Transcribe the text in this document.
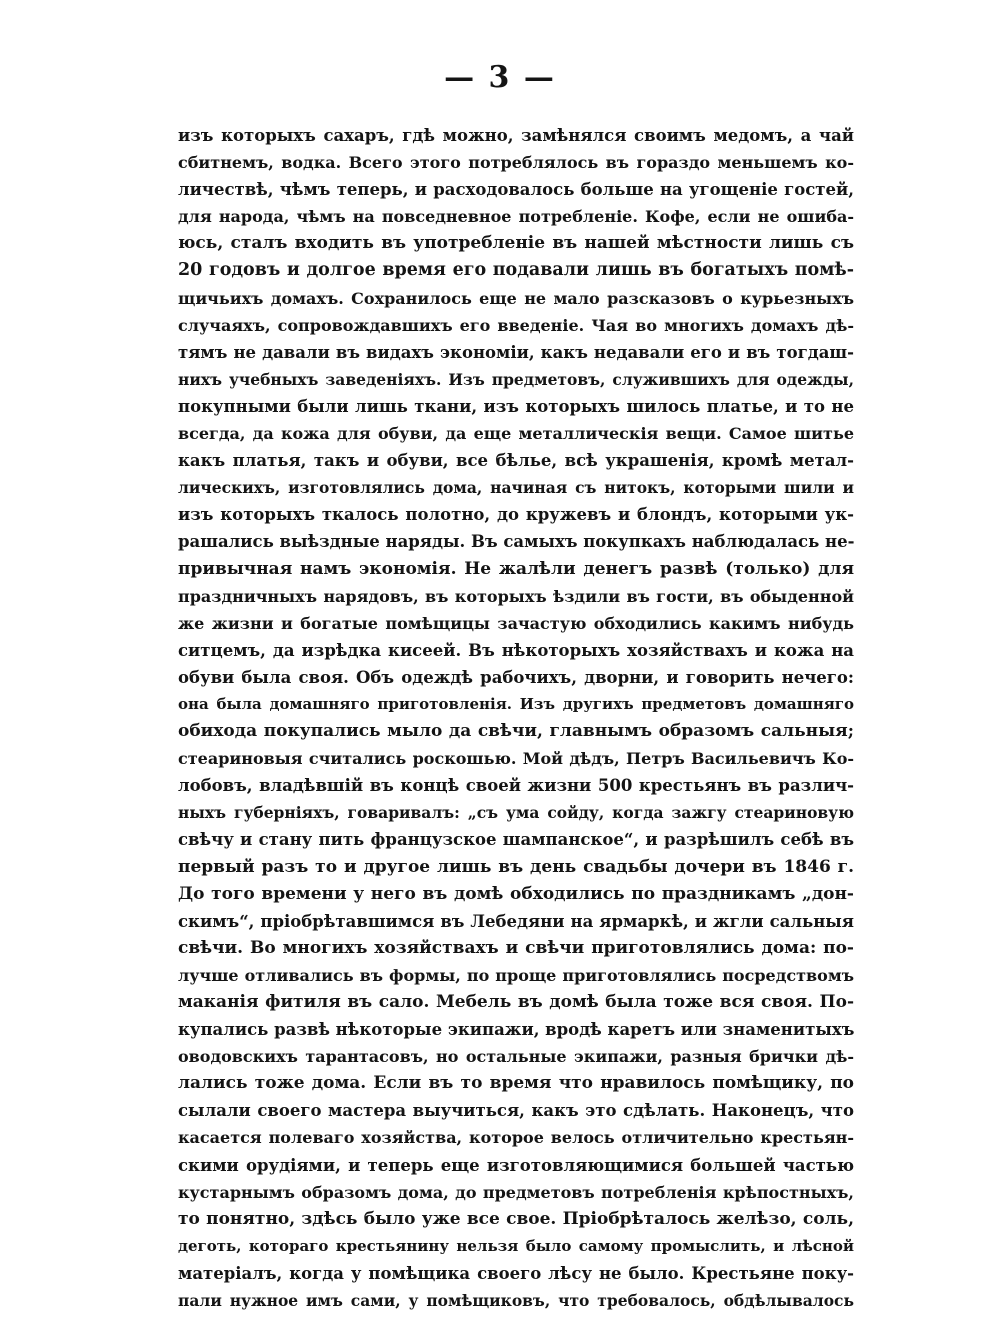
— 3 —
изъ которыхъ сахаръ, гдѣ можно, замѣнялся своимъ медомъ, а чай
сбитнемъ, водка. Всего этого потреблялось въ гораздо меньшемъ ко-
личествѣ, чѣмъ теперь, и расходовалось больше на угощеніе гостей,
для народа, чѣмъ на повседневное потребленіе. Кофе, если не ошиба-
юсь, сталъ входить въ употребленіе въ нашей мѣстности лишь съ
20 годовъ и долгое время его подавали лишь въ богатыхъ помѣ-
щичьихъ домахъ. Сохранилось еще не мало разсказовъ о курьезныхъ
случаяхъ, сопровождавшихъ его введеніе. Чая во многихъ домахъ дѣ-
тямъ не давали въ видахъ экономіи, какъ недавали его и въ тогдаш-
нихъ учебныхъ заведеніяхъ. Изъ предметовъ, служившихъ для одежды,
покупными были лишь ткани, изъ которыхъ шилось платье, и то не
всегда, да кожа для обуви, да еще металлическія вещи. Самое шитье
какъ платья, такъ и обуви, все бѣлье, всѣ украшенія, кромѣ метал-
лическихъ, изготовлялись дома, начиная съ нитокъ, которыми шили и
изъ которыхъ ткалось полотно, до кружевъ и блондъ, которыми ук-
рашались выѣздные наряды. Въ самыхъ покупкахъ наблюдалась не-
привычная намъ экономія. Не жалѣли денегъ развѣ (только) для
праздничныхъ нарядовъ, въ которыхъ ѣздили въ гости, въ обыденной
же жизни и богатые помѣщицы зачастую обходились какимъ нибудь
ситцемъ, да изрѣдка кисеей. Въ нѣкоторыхъ хозяйствахъ и кожа на
обуви была своя. Объ одеждѣ рабочихъ, дворни, и говорить нечего:
она была домашняго приготовленія. Изъ другихъ предметовъ домашняго
обихода покупались мыло да свѣчи, главнымъ образомъ сальныя;
стеариновыя считались роскошью. Мой дѣдъ, Петръ Васильевичъ Ко-
лобовъ, владѣвшій въ концѣ своей жизни 500 крестьянъ въ различ-
ныхъ губерніяхъ, говаривалъ: „съ ума сойду, когда зажгу стеариновую
свѣчу и стану пить французское шампанское“, и разрѣшилъ себѣ въ
первый разъ то и другое лишь въ день свадьбы дочери въ 1846 г.
До того времени у него въ домѣ обходились по праздникамъ „дон-
скимъ“, пріобрѣтавшимся въ Лебедяни на ярмаркѣ, и жгли сальныя
свѣчи. Во многихъ хозяйствахъ и свѣчи приготовлялись дома: по-
лучше отливались въ формы, по проще приготовлялись посредствомъ
маканія фитиля въ сало. Мебель въ домѣ была тоже вся своя. По-
купались развѣ нѣкоторые экипажи, вродѣ каретъ или знаменитыхъ
оводовскихъ тарантасовъ, но остальные экипажи, разныя брички дѣ-
лались тоже дома. Если въ то время что нравилось помѣщику, по
сылали своего мастера выучиться, какъ это сдѣлать. Наконецъ, что
касается полеваго хозяйства, которое велось отличительно крестьян-
скими орудіями, и теперь еще изготовляющимися большей частью
кустарнымъ образомъ дома, до предметовъ потребленія крѣпостныхъ,
то понятно, здѣсь было уже все свое. Пріобрѣталось желѣзо, соль,
деготь, котораго крестьянину нельзя было самому промыслить, и лѣсной
матеріалъ, когда у помѣщика своего лѣсу не было. Крестьяне поку-
пали нужное имъ сами, у помѣщиковъ, что требовалось, обдѣлывалось
